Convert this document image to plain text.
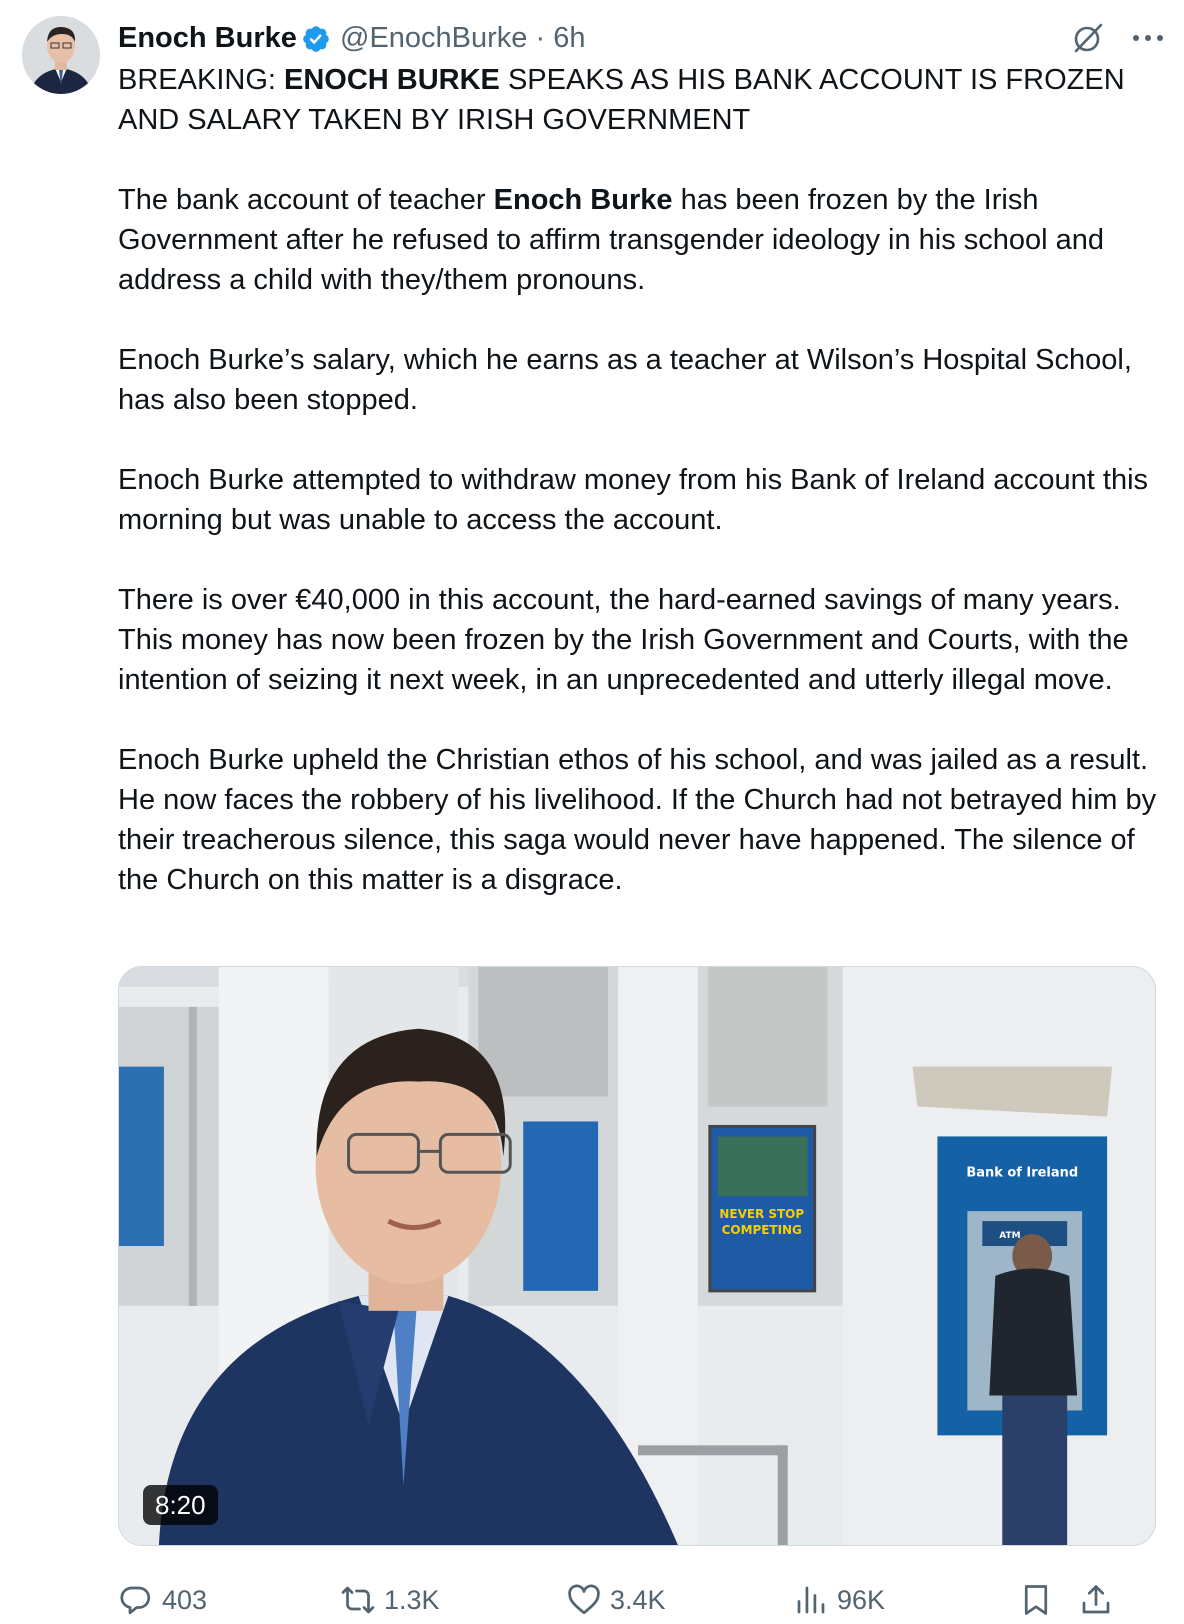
Enoch Burke @EnochBurke · 6h

BREAKING: ENOCH BURKE SPEAKS AS HIS BANK ACCOUNT IS FROZEN AND SALARY TAKEN BY IRISH GOVERNMENT

The bank account of teacher Enoch Burke has been frozen by the Irish Government after he refused to affirm transgender ideology in his school and address a child with they/them pronouns.

Enoch Burke’s salary, which he earns as a teacher at Wilson’s Hospital School, has also been stopped.

Enoch Burke attempted to withdraw money from his Bank of Ireland account this morning but was unable to access the account.

There is over €40,000 in this account, the hard-earned savings of many years. This money has now been frozen by the Irish Government and Courts, with the intention of seizing it next week, in an unprecedented and utterly illegal move.

Enoch Burke upheld the Christian ethos of his school, and was jailed as a result. He now faces the robbery of his livelihood. If the Church had not betrayed him by their treacherous silence, this saga would never have happened. The silence of the Church on this matter is a disgrace.

NEVER STOP
COMPETING
Bank of Ireland
ATM
8:20
403	1.3K	3.4K	96K
